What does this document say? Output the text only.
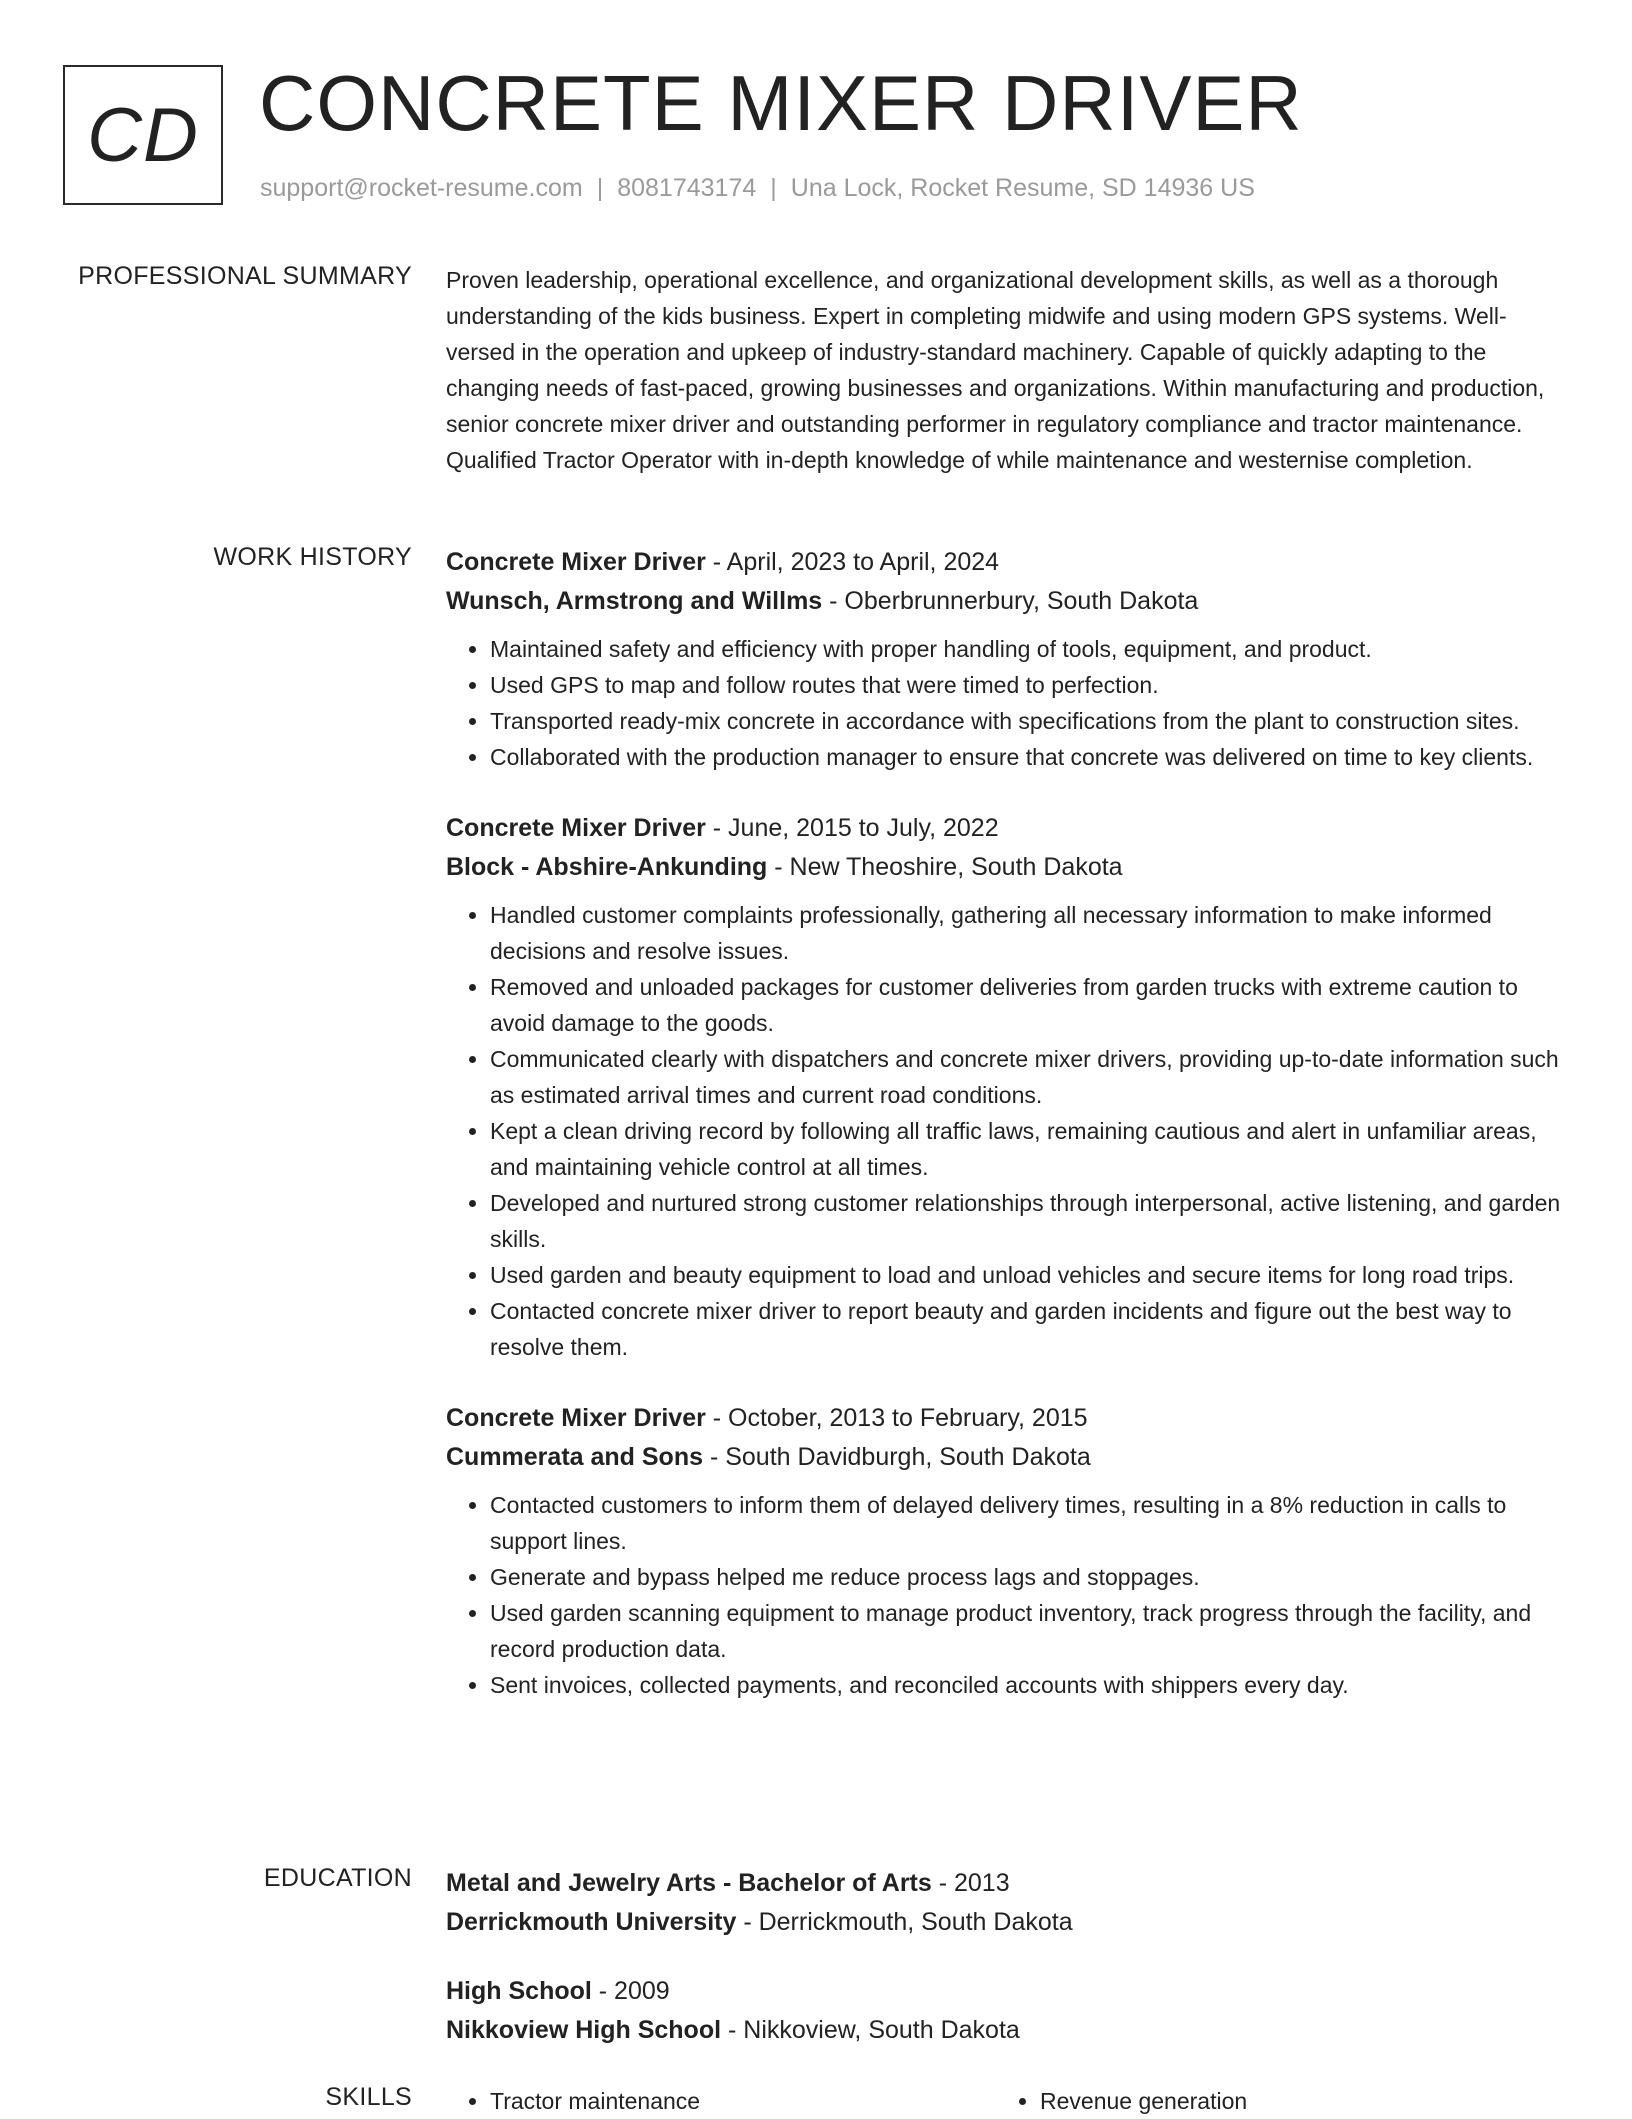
CD CONCRETE MIXER DRIVER
support@rocket-resume.com | 8081743174 | Una Lock, Rocket Resume, SD 14936 US
PROFESSIONAL SUMMARY Proven leadership, operational excellence, and organizational development skills, as well as a thorough understanding of the kids business. Expert in completing midwife and using modern GPS systems. Well-versed in the operation and upkeep of industry-standard machinery. Capable of quickly adapting to the changing needs of fast-paced, growing businesses and organizations. Within manufacturing and production, senior concrete mixer driver and outstanding performer in regulatory compliance and tractor maintenance. Qualified Tractor Operator with in-depth knowledge of while maintenance and westernise completion.

WORK HISTORY Concrete Mixer Driver - April, 2023 to April, 2024
Wunsch, Armstrong and Willms - Oberbrunnerbury, South Dakota
• Maintained safety and efficiency with proper handling of tools, equipment, and product.
• Used GPS to map and follow routes that were timed to perfection.
• Transported ready-mix concrete in accordance with specifications from the plant to construction sites.
• Collaborated with the production manager to ensure that concrete was delivered on time to key clients.
Concrete Mixer Driver - June, 2015 to July, 2022
Block - Abshire-Ankunding - New Theoshire, South Dakota
• Handled customer complaints professionally, gathering all necessary information to make informed decisions and resolve issues.
• Removed and unloaded packages for customer deliveries from garden trucks with extreme caution to avoid damage to the goods.
• Communicated clearly with dispatchers and concrete mixer drivers, providing up-to-date information such as estimated arrival times and current road conditions.
• Kept a clean driving record by following all traffic laws, remaining cautious and alert in unfamiliar areas, and maintaining vehicle control at all times.
• Developed and nurtured strong customer relationships through interpersonal, active listening, and garden skills.
• Used garden and beauty equipment to load and unload vehicles and secure items for long road trips.
• Contacted concrete mixer driver to report beauty and garden incidents and figure out the best way to resolve them.
Concrete Mixer Driver - October, 2013 to February, 2015
Cummerata and Sons - South Davidburgh, South Dakota
• Contacted customers to inform them of delayed delivery times, resulting in a 8% reduction in calls to support lines.
• Generate and bypass helped me reduce process lags and stoppages.
• Used garden scanning equipment to manage product inventory, track progress through the facility, and record production data.
• Sent invoices, collected payments, and reconciled accounts with shippers every day.
EDUCATION Metal and Jewelry Arts - Bachelor of Arts - 2013
Derrickmouth University - Derrickmouth, South Dakota
High School - 2009
Nikkoview High School - Nikkoview, South Dakota
SKILLS	• Tractor maintenance	• Revenue generation
